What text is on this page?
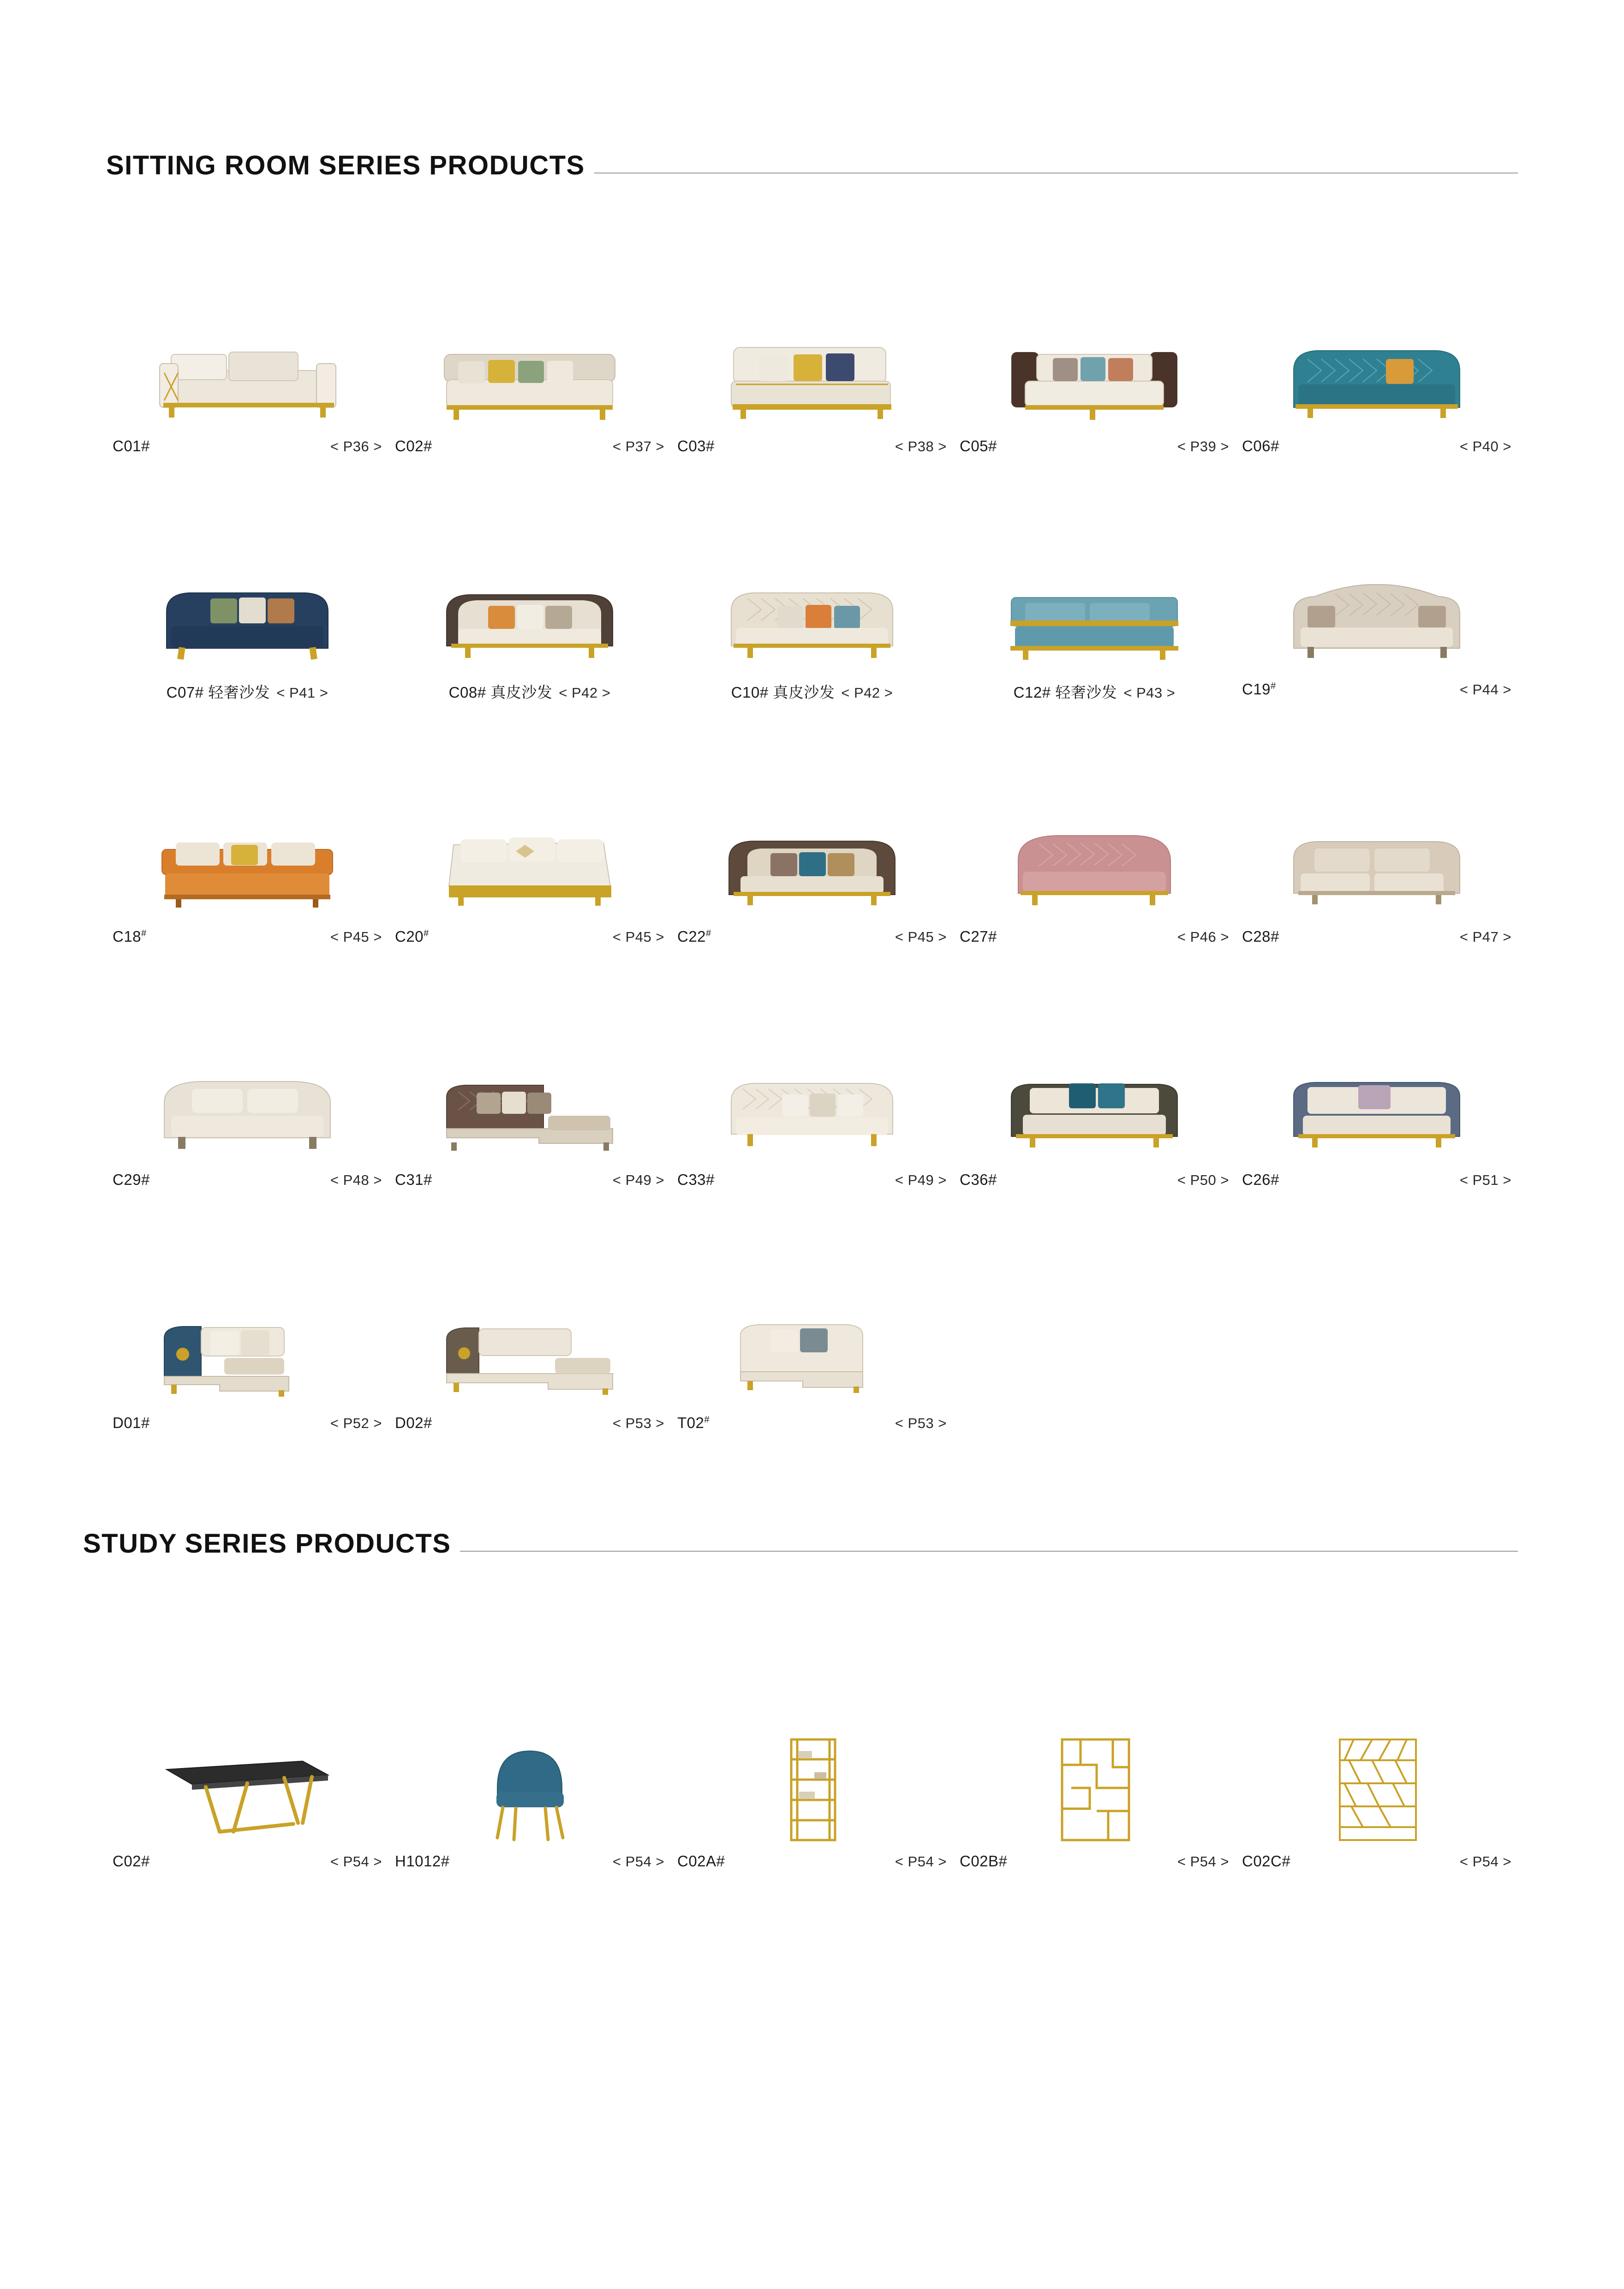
SITTING ROOM SERIES PRODUCTS
C01#	< P36 > C02#	< P37 > C03#	< P38 > C05#	< P39 > C06#	< P40 >
C07# 轻奢沙发 < P41 >	C08# 真皮沙发 < P42 >	C10# 真皮沙发 < P42 >	C12# 轻奢沙发 < P43 >	C19#	< P44 >
C18#	< P45 > C20#	< P45 > C22#	< P45 > C27#	< P46 > C28#	< P47 >
C29#	< P48 > C31#	< P49 > C33#	< P49 > C36#	< P50 > C26#	< P51 >
D01#	< P52 > D02#	< P53 > T02#	< P53 >
STUDY SERIES PRODUCTS
C02#	< P54 > H1012#	< P54 > C02A#	< P54 > C02B#	< P54 > C02C#	< P54 >
